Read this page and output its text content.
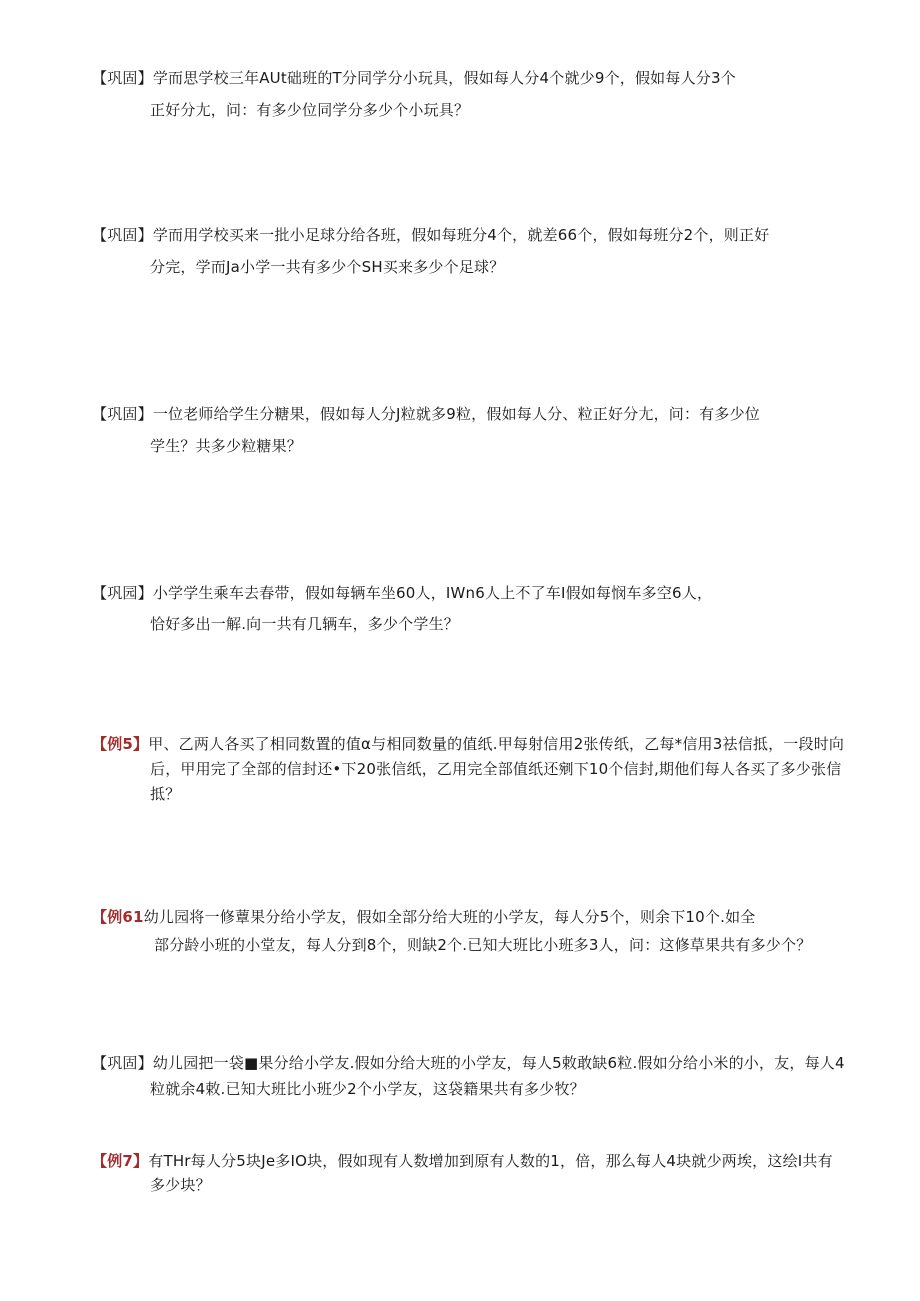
【巩固】学而思学校三年AUt础班的T分同学分小玩具，假如每人分4个就少9个，假如每人分3个
正好分尢，问：有多少位同学分多少个小玩具？
【巩固】学而用学校买来一批小足球分给各班，假如每班分4个，就差66个，假如每班分2个，则正好
分完，学而Ja小学一共有多少个SH买来多少个足球？
【巩固】一位老师给学生分糖果，假如每人分J粒就多9粒，假如每人分、粒正好分尢，问：有多少位
学生？共多少粒糖果？
【巩园】小学学生乘车去春带，假如每辆车坐60人，IWn6人上不了车I假如每悯车多空6人，
恰好多出一解.向一共有几辆车，多少个学生？
【例5】甲、乙两人各买了相同数置的值α与相同数量的值纸.甲每射信用2张传纸，乙每*信用3祛信抵，一段时向
后，甲用完了全部的信封还•下20张信纸，乙用完全部值纸还剜下10个信封,期他们每人各买了多少张信
抵？
【例61幼儿园将一修蕈果分给小学友，假如全部分给大班的小学友，每人分5个，则余下10个.如全
部分龄小班的小堂友，每人分到8个，则缺2个.已知大班比小班多3人，问：这修草果共有多少个？
【巩固】幼儿园把一袋■果分给小学友.假如分给大班的小学友，每人5敕敢缺6粒.假如分给小米的小，友，每人4
粒就余4敕.已知大班比小班少2个小学友，这袋籍果共有多少牧？
【例7】有THr每人分5块Je多IO块，假如现有人数增加到原有人数的1，倍，那么每人4块就少两埃，这绘I共有
多少块？
